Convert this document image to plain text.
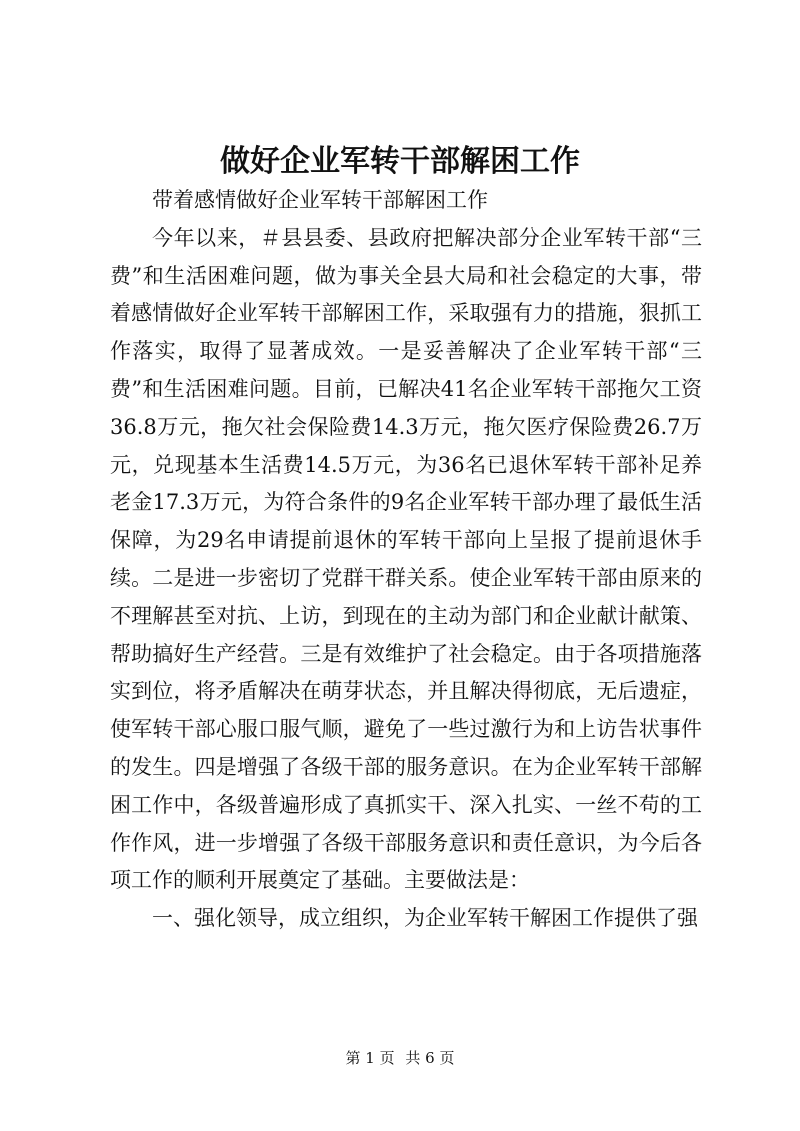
做好企业军转干部解困工作

带着感情做好企业军转干部解困工作

今年以来，＃县县委、县政府把解决部分企业军转干部“三费”和生活困难问题，做为事关全县大局和社会稳定的大事，带着感情做好企业军转干部解困工作，采取强有力的措施，狠抓工作落实，取得了显著成效。一是妥善解决了企业军转干部“三费”和生活困难问题。目前，已解决41名企业军转干部拖欠工资36.8万元，拖欠社会保险费14.3万元，拖欠医疗保险费26.7万元，兑现基本生活费14.5万元，为36名已退休军转干部补足养老金17.3万元，为符合条件的9名企业军转干部办理了最低生活保障，为29名申请提前退休的军转干部向上呈报了提前退休手续。二是进一步密切了党群干群关系。使企业军转干部由原来的不理解甚至对抗、上访，到现在的主动为部门和企业献计献策、帮助搞好生产经营。三是有效维护了社会稳定。由于各项措施落实到位，将矛盾解决在萌芽状态，并且解决得彻底，无后遗症，使军转干部心服口服气顺，避免了一些过激行为和上访告状事件的发生。四是增强了各级干部的服务意识。在为企业军转干部解困工作中，各级普遍形成了真抓实干、深入扎实、一丝不苟的工作作风，进一步增强了各级干部服务意识和责任意识，为今后各项工作的顺利开展奠定了基础。主要做法是：

一、强化领导，成立组织，为企业军转干解困工作提供了强

第 1 页 共 6 页
